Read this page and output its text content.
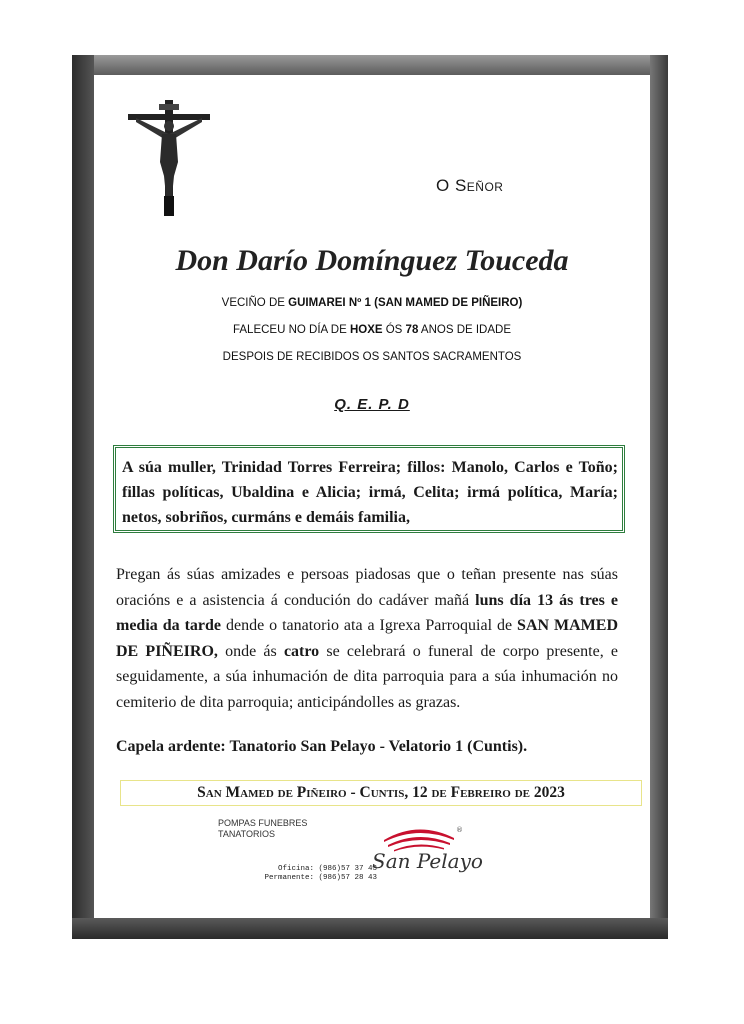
O Señor
Don Darío Domínguez Touceda
VECIÑO DE GUIMAREI Nº 1 (SAN MAMED DE PIÑEIRO)
FALECEU NO DÍA DE HOXE ÓS 78 ANOS DE IDADE
DESPOIS DE RECIBIDOS OS SANTOS SACRAMENTOS
Q. E. P. D
A súa muller, Trinidad Torres Ferreira; fillos: Manolo, Carlos e Toño; fillas políticas, Ubaldina e Alicia; irmá, Celita; irmá política, María; netos, sobriños, curmáns e demáis familia,
Pregan ás súas amizades e persoas piadosas que o teñan presente nas súas oracións e a asistencia á condución do cadáver mañá luns día 13 ás tres e media da tarde dende o tanatorio ata a Igrexa Parroquial de SAN MAMED DE PIÑEIRO, onde ás catro se celebrará o funeral de corpo presente, e seguidamente, a súa inhumación de dita parroquia para a súa inhumación no cemiterio de dita parroquia; anticipándolles as grazas.
Capela ardente: Tanatorio San Pelayo - Velatorio 1 (Cuntis).
San Mamed de Piñeiro - Cuntis, 12 de Febreiro de 2023
POMPAS FUNEBRES
TANATORIOS
Oficina: (986)57 37 43
Permanente: (986)57 28 43
San Pelayo
®
